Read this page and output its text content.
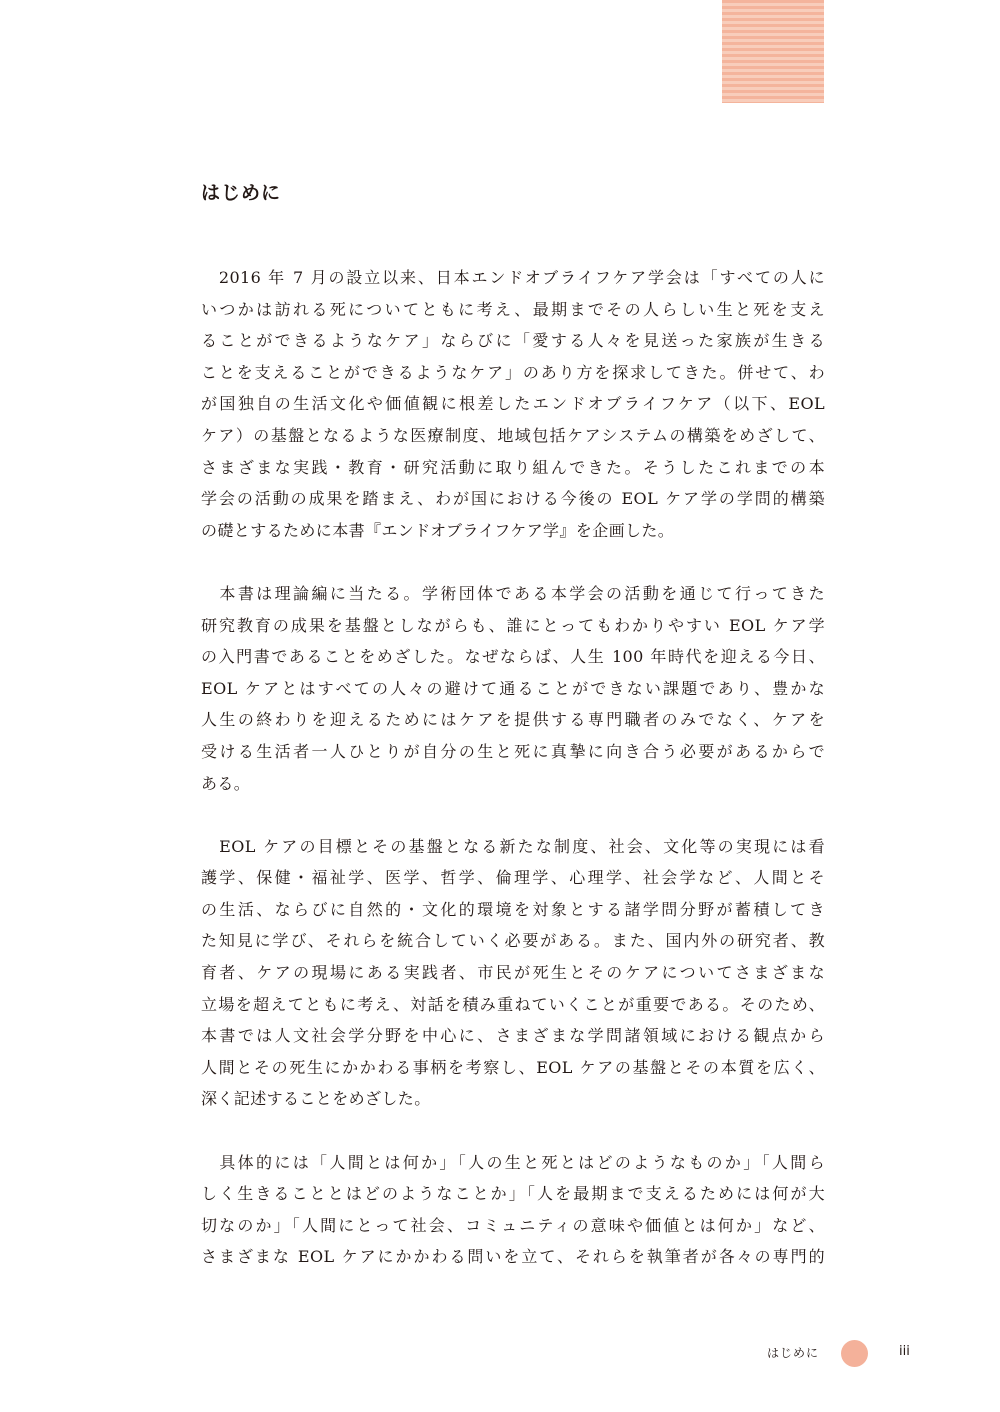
はじめに

　2016 年 7 月の設立以来、日本エンドオブライフケア学会は「すべての人に
いつかは訪れる死についてともに考え、最期までその人らしい生と死を支え
ることができるようなケア」ならびに「愛する人々を見送った家族が生きる
ことを支えることができるようなケア」のあり方を探求してきた。併せて、わ
が国独自の生活文化や価値観に根差したエンドオブライフケア（以下、EOL
ケア）の基盤となるような医療制度、地域包括ケアシステムの構築をめざして、
さまざまな実践・教育・研究活動に取り組んできた。そうしたこれまでの本
学会の活動の成果を踏まえ、わが国における今後の EOL ケア学の学問的構築
の礎とするために本書『エンドオブライフケア学』を企画した。

　本書は理論編に当たる。学術団体である本学会の活動を通じて行ってきた
研究教育の成果を基盤としながらも、誰にとってもわかりやすい EOL ケア学
の入門書であることをめざした。なぜならば、人生 100 年時代を迎える今日、
EOL ケアとはすべての人々の避けて通ることができない課題であり、豊かな
人生の終わりを迎えるためにはケアを提供する専門職者のみでなく、ケアを
受ける生活者一人ひとりが自分の生と死に真摯に向き合う必要があるからで
ある。

　EOL ケアの目標とその基盤となる新たな制度、社会、文化等の実現には看
護学、保健・福祉学、医学、哲学、倫理学、心理学、社会学など、人間とそ
の生活、ならびに自然的・文化的環境を対象とする諸学問分野が蓄積してき
た知見に学び、それらを統合していく必要がある。また、国内外の研究者、教
育者、ケアの現場にある実践者、市民が死生とそのケアについてさまざまな
立場を超えてともに考え、対話を積み重ねていくことが重要である。そのため、
本書では人文社会学分野を中心に、さまざまな学問諸領域における観点から
人間とその死生にかかわる事柄を考察し、EOL ケアの基盤とその本質を広く、
深く記述することをめざした。

　具体的には「人間とは何か」「人の生と死とはどのようなものか」「人間ら
しく生きることとはどのようなことか」「人を最期まで支えるためには何が大
切なのか」「人間にとって社会、コミュニティの意味や価値とは何か」など、
さまざまな EOL ケアにかかわる問いを立て、それらを執筆者が各々の専門的

はじめに	iii
